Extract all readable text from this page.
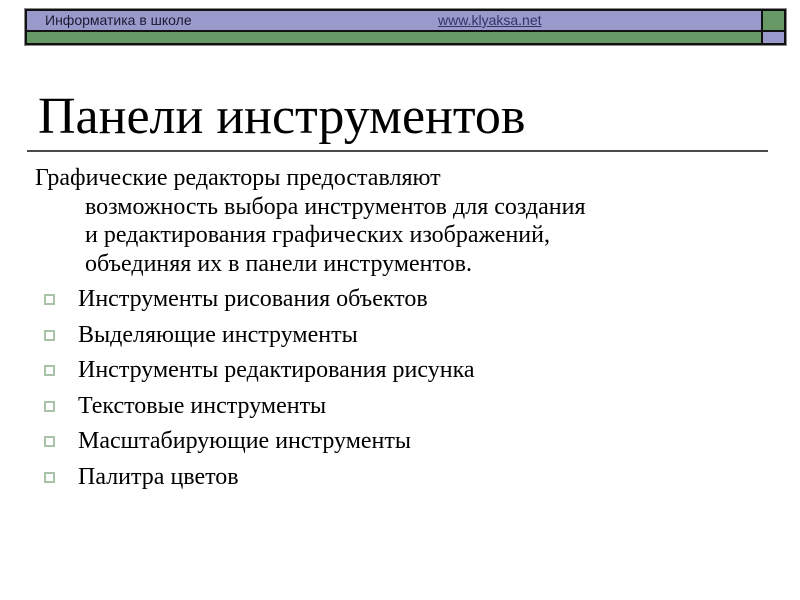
Информатика в школе	www.klyaksa.net
Панели инструментов
Графические редакторы предоставляют
возможность выбора инструментов для создания
и редактирования графических изображений,
объединяя их в панели инструментов.
Инструменты рисования объектов
Выделяющие инструменты
Инструменты редактирования рисунка
Текстовые инструменты
Масштабирующие инструменты
Палитра цветов
